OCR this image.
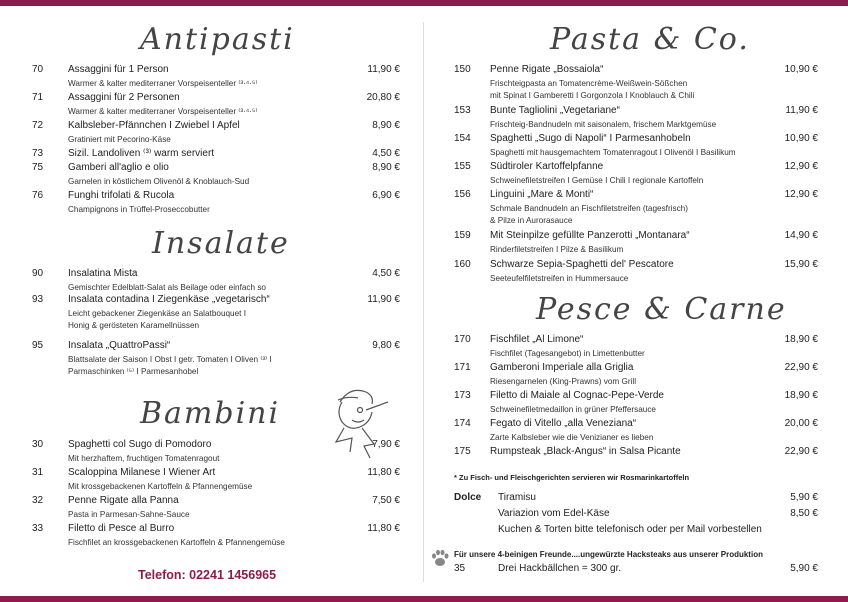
Antipasti
70 Assaggini für 1 Person	11,90 €
Warmer & kalter mediterraner Vorspeisenteller ⁽³·⁴·⁵⁾
71 Assaggini für 2 Personen	20,80 €
Warmer & kalter mediterraner Vorspeisenteller ⁽³·⁴·⁵⁾
72 Kalbsleber-Pfännchen I Zwiebel I Apfel	8,90 €
Gratiniert mit Pecorino-Käse
73 Sizil. Landoliven ⁽³⁾ warm serviert	4,50 €
75 Gamberi all'aglio e olio	8,90 €
Garnelen in köstlichem Olivenöl & Knoblauch-Sud
76 Funghi trifolati & Rucola	6,90 €
Champignons in Trüffel-Proseccobutter
Insalate
90 Insalatina Mista	4,50 €
Gemischter Edelblatt-Salat als Beilage oder einfach so
93 Insalata contadina I Ziegenkäse „vegetarisch“	11,90 €
Leicht gebackener Ziegenkäse an Salatbouquet I
Honig & gerösteten Karamellnüssen
95 Insalata „QuattroPassi“	9,80 €
Blattsalate der Saison I Obst I getr. Tomaten I Oliven ⁽³⁾ I
Parmaschinken ⁽⁵⁾ I Parmesanhobel
Bambini
30 Spaghetti col Sugo di Pomodoro	7,90 €
Mit herzhaftem, fruchtigen Tomatenragout
31 Scaloppina Milanese I Wiener Art	11,80 €
Mit krossgebackenen Kartoffeln & Pfannengemüse
32 Penne Rigate alla Panna	7,50 €
Pasta in Parmesan-Sahne-Sauce
33 Filetto di Pesce al Burro	11,80 €
Fischfilet an krossgebackenen Kartoffeln & Pfannengemüse
Telefon: 02241 1456965
Pasta & Co.
150 Penne Rigate „Bossaiola“	10,90 €
Frischteigpasta an Tomatencrème-Weißwein-Sößchen
mit Spinat I Gamberetti I Gorgonzola I Knoblauch & Chili
153 Bunte Tagliolini „Vegetariane“	11,90 €
Frischteig-Bandnudeln mit saisonalem, frischem Marktgemüse
154 Spaghetti „Sugo di Napoli“ I Parmesanhobeln	10,90 €
Spaghetti mit hausgemachtem Tomatenragout I Olivenöl I Basilikum
155 Südtiroler Kartoffelpfanne	12,90 €
Schweinefiletstreifen I Gemüse I Chili I regionale Kartoffeln
156 Linguini „Mare & Monti“	12,90 €
Schmale Bandnudeln an Fischfiletstreifen (tagesfrisch)
& Pilze in Aurorasauce
159 Mit Steinpilze gefüllte Panzerotti „Montanara“	14,90 €
Rinderfiletstreifen I Pilze & Basilikum
160 Schwarze Sepia-Spaghetti del' Pescatore	15,90 €
Seeteufelfiletstreifen in Hummersauce
Pesce & Carne
170 Fischfilet „Al Limone“	18,90 €
Fischfilet (Tagesangebot) in Limettenbutter
171 Gamberoni Imperiale alla Griglia	22,90 €
Riesengarnelen (King-Prawns) vom Grill
173 Filetto di Maiale al Cognac-Pepe-Verde	18,90 €
Schweinefiletmedaillon in grüner Pfeffersauce
174 Fegato di Vitello „alla Veneziana“	20,00 €
Zarte Kalbsleber wie die Venizianer es lieben
175 Rumpsteak „Black-Angus“ in Salsa Picante	22,90 €
* Zu Fisch- und Fleischgerichten servieren wir Rosmarinkartoffeln
Dolce Tiramisu	5,90 €
Variazion vom Edel-Käse	8,50 €
Kuchen & Torten bitte telefonisch oder per Mail vorbestellen
Für unsere 4-beinigen Freunde....ungewürzte Hacksteaks aus unserer Produktion
35	Drei Hackbällchen = 300 gr.	5,90 €
